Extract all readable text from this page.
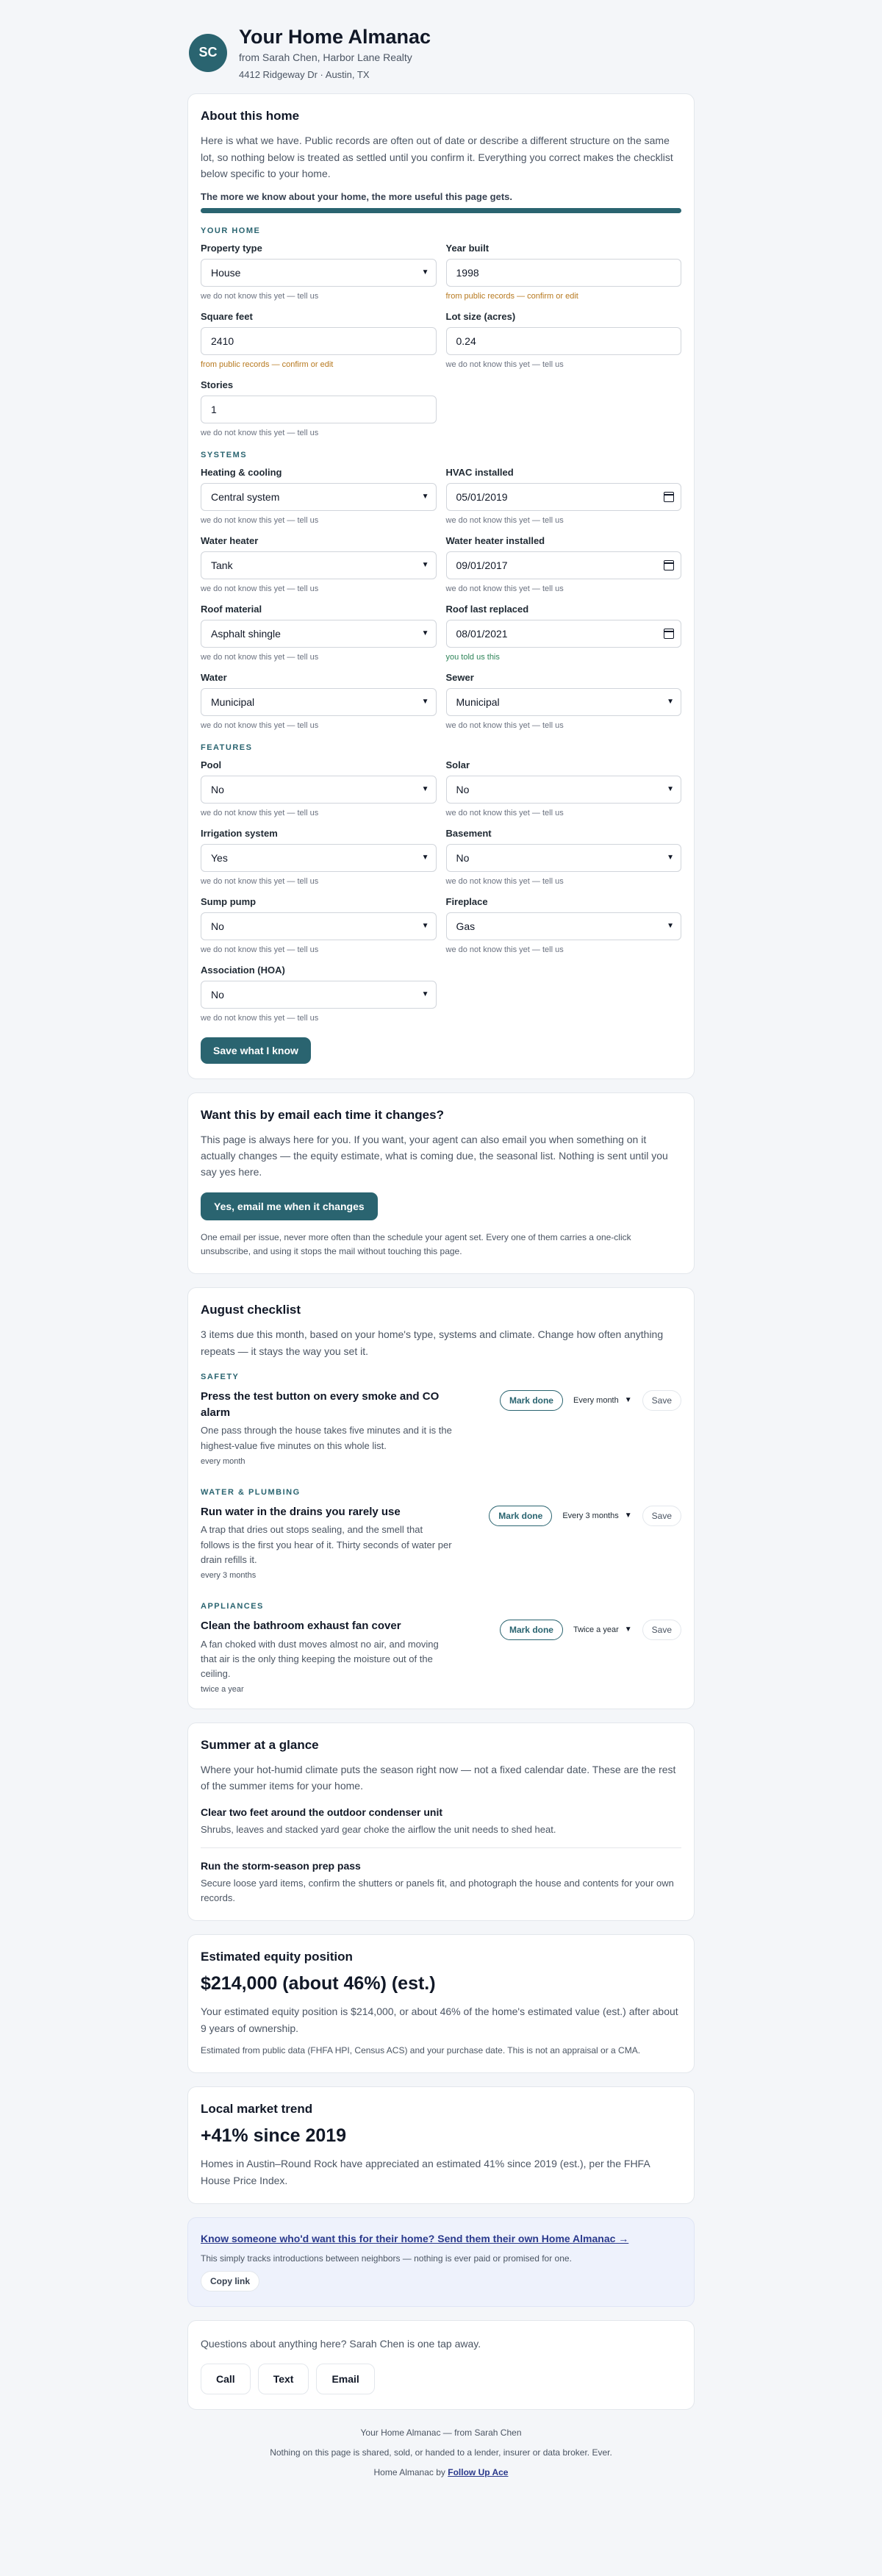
SC
Your Home Almanac
from Sarah Chen, Harbor Lane Realty
4412 Ridgeway Dr · Austin, TX
About this home

Here is what we have. Public records are often out of date or describe a different structure on the same lot, so nothing below is treated as settled until you confirm it. Everything you correct makes the checklist below specific to your home.

The more we know about your home, the more useful this page gets.
YOUR HOME
Property type
House	▼
we do not know this yet — tell us
Year built
1998
from public records — confirm or edit
Square feet
2410
from public records — confirm or edit
Lot size (acres)
0.24
we do not know this yet — tell us
Stories
1
we do not know this yet — tell us
SYSTEMS
Heating & cooling
Central system	▼
we do not know this yet — tell us
HVAC installed
05/01/2019
we do not know this yet — tell us
Water heater
Tank	▼
we do not know this yet — tell us
Water heater installed
09/01/2017
we do not know this yet — tell us
Roof material
Asphalt shingle	▼
we do not know this yet — tell us
Roof last replaced
08/01/2021
you told us this
Water
Municipal	▼
we do not know this yet — tell us
Sewer
Municipal	▼
we do not know this yet — tell us
FEATURES
Pool
No	▼
we do not know this yet — tell us
Solar
No	▼
we do not know this yet — tell us
Irrigation system
Yes	▼
we do not know this yet — tell us
Basement
No	▼
we do not know this yet — tell us
Sump pump
No	▼
we do not know this yet — tell us
Fireplace
Gas	▼
we do not know this yet — tell us
Association (HOA)
No	▼
we do not know this yet — tell us
Save what I know
Want this by email each time it changes?

This page is always here for you. If you want, your agent can also email you when something on it actually changes — the equity estimate, what is coming due, the seasonal list. Nothing is sent until you say yes here.

Yes, email me when it changes

One email per issue, never more often than the schedule your agent set. Every one of them carries a one-click unsubscribe, and using it stops the mail without touching this page.

August checklist

3 items due this month, based on your home's type, systems and climate. Change how often anything repeats — it stays the way you set it.

SAFETY
Press the test button on every smoke and CO alarm

One pass through the house takes five minutes and it is the highest-value five minutes on this whole list.

every month
Mark done	Every month ▼	Save
WATER & PLUMBING
Run water in the drains you rarely use

A trap that dries out stops sealing, and the smell that follows is the first you hear of it. Thirty seconds of water per drain refills it.

every 3 months
Mark done	Every 3 months ▼	Save
APPLIANCES
Clean the bathroom exhaust fan cover

A fan choked with dust moves almost no air, and moving that air is the only thing keeping the moisture out of the ceiling.

twice a year
Mark done	Twice a year ▼	Save
Summer at a glance

Where your hot-humid climate puts the season right now — not a fixed calendar date. These are the rest of the summer items for your home.

Clear two feet around the outdoor condenser unit

Shrubs, leaves and stacked yard gear choke the airflow the unit needs to shed heat.

Run the storm-season prep pass

Secure loose yard items, confirm the shutters or panels fit, and photograph the house and contents for your own records.

Estimated equity position
$214,000 (about 46%) (est.)

Your estimated equity position is $214,000, or about 46% of the home's estimated value (est.) after about 9 years of ownership.

Estimated from public data (FHFA HPI, Census ACS) and your purchase date. This is not an appraisal or a CMA.

Local market trend
+41% since 2019

Homes in Austin–Round Rock have appreciated an estimated 41% since 2019 (est.), per the FHFA House Price Index.

Know someone who'd want this for their home? Send them their own Home Almanac →
This simply tracks introductions between neighbors — nothing is ever paid or promised for one.
Copy link

Questions about anything here? Sarah Chen is one tap away.

Call	Text	Email
Your Home Almanac — from Sarah Chen
Nothing on this page is shared, sold, or handed to a lender, insurer or data broker. Ever.
Home Almanac by Follow Up Ace
